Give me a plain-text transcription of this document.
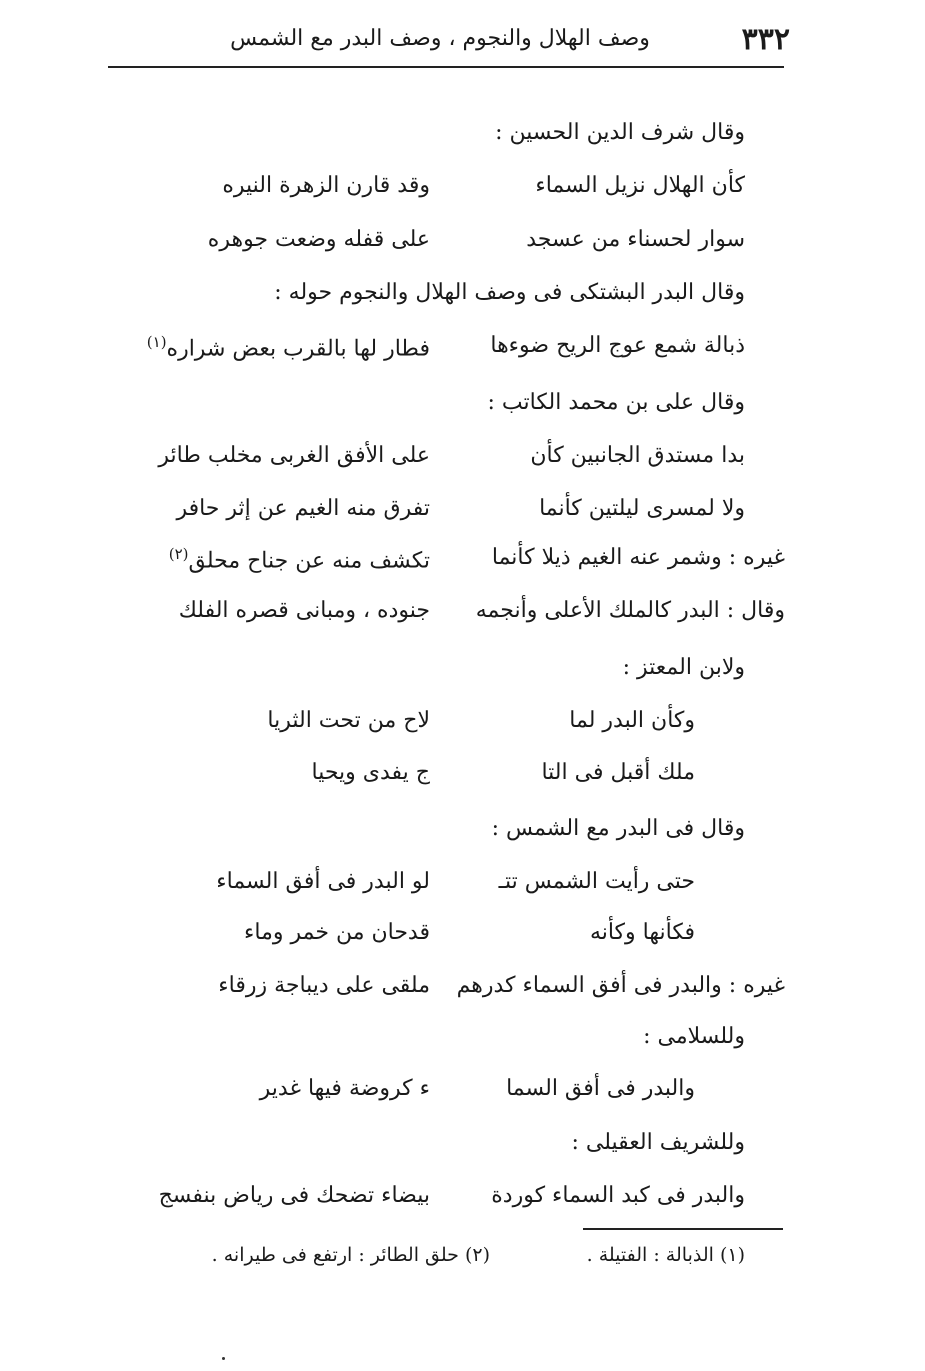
٣٣٢
وصف الهلال والنجوم ، وصف البدر مع الشمس
وقال شرف الدين الحسين :
كأن الهلال نزيل السماء
وقد قارن الزهرة النيره
سوار لحسناء من عسجد
على قفله وضعت جوهره
وقال البدر البشتكى فى وصف الهلال والنجوم حوله :
ذبالة شمع عوج الريح ضوءها
فطار لها بالقرب بعض شراره$^{(١)}$
وقال على بن محمد الكاتب :
بدا مستدق الجانبين كأن
على الأفق الغربى مخلب طائر
ولا لمسرى ليلتين كأنما
تفرق منه الغيم عن إثر حافر
غيره : وشمر عنه الغيم ذيلا كأنما
تكشف منه عن جناح محلق$^{(٢)}$
وقال : البدر كالملك الأعلى وأنجمه
جنوده ، ومبانى قصره الفلك
ولابن المعتز :
وكأن البدر لما
لاح من تحت الثريا
ملك أقبل فى التا
ج يفدى ويحيا
وقال فى البدر مع الشمس :
حتى رأيت الشمس تتـ
لو البدر فى أفق السماء
فكأنها وكأنه
قدحان من خمر وماء
غيره : والبدر فى أفق السماء كدرهم
ملقى على ديباجة زرقاء
وللسلامى :
والبدر فى أفق السما
ء كروضة فيها غدير
وللشريف العقيلى :
والبدر فى كبد السماء كوردة
بيضاء تضحك فى رياض بنفسج
(١) الذبالة : الفتيلة .
(٢) حلق الطائر : ارتفع فى طيرانه .
